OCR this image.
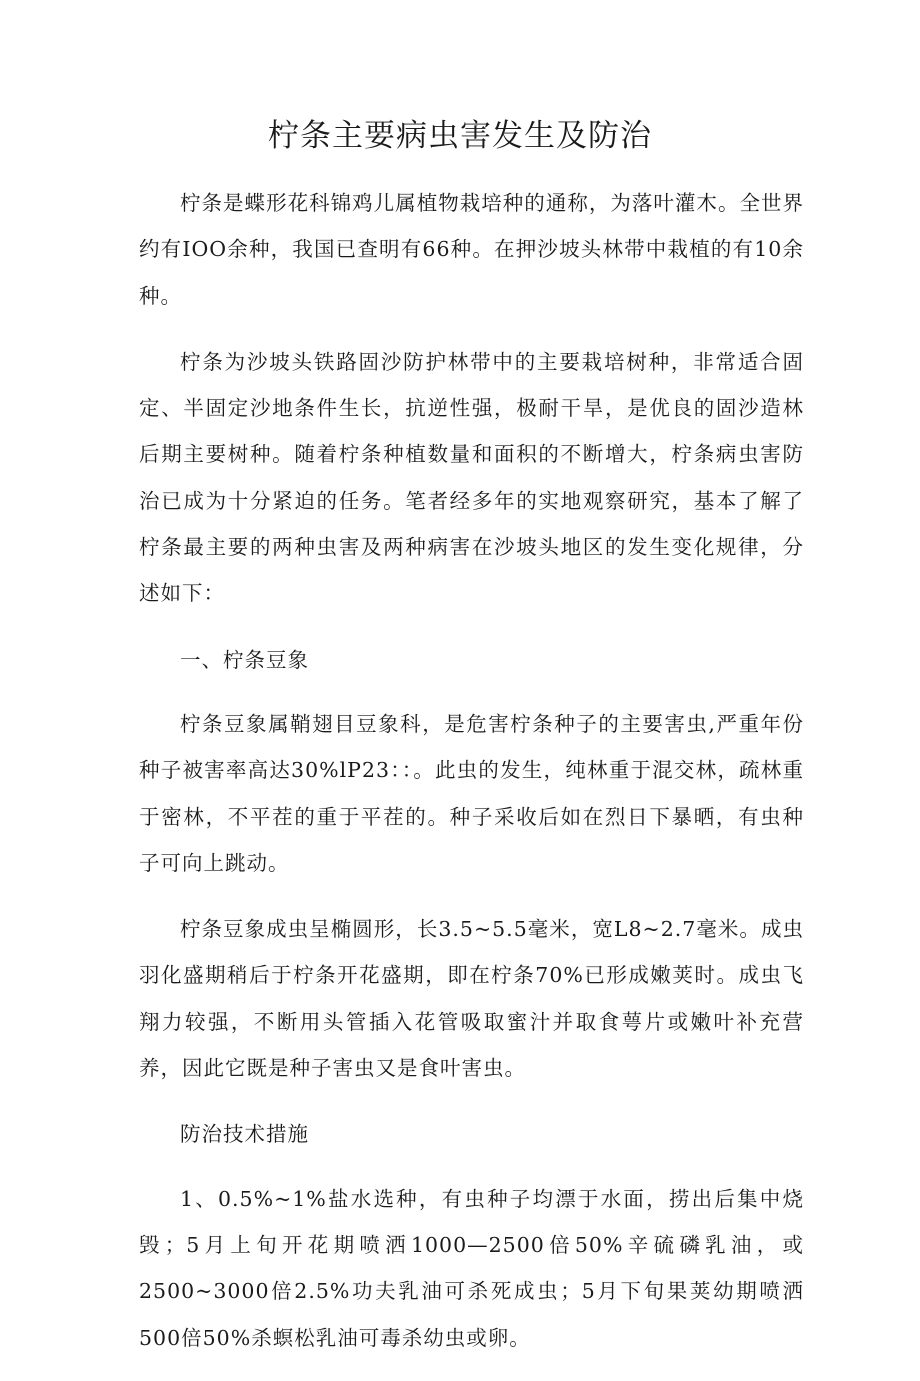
柠条主要病虫害发生及防治

柠条是蝶形花科锦鸡儿属植物栽培种的通称，为落叶灌木。全世界约有IOO余种，我国已查明有66种。在押沙坡头林带中栽植的有10余种。

柠条为沙坡头铁路固沙防护林带中的主要栽培树种，非常适合固定、半固定沙地条件生长，抗逆性强，极耐干旱，是优良的固沙造林后期主要树种。随着柠条种植数量和面积的不断增大，柠条病虫害防治已成为十分紧迫的任务。笔者经多年的实地观察研究，基本了解了柠条最主要的两种虫害及两种病害在沙坡头地区的发生变化规律，分述如下：

一、柠条豆象

柠条豆象属鞘翅目豆象科，是危害柠条种子的主要害虫,严重年份种子被害率高达30%lP23：：。此虫的发生，纯林重于混交林，疏林重于密林，不平茬的重于平茬的。种子采收后如在烈日下暴晒，有虫种子可向上跳动。

柠条豆象成虫呈椭圆形，长3.5~5.5毫米，宽L8~2.7毫米。成虫羽化盛期稍后于柠条开花盛期，即在柠条70%已形成嫩荚时。成虫飞翔力较强，不断用头管插入花管吸取蜜汁并取食萼片或嫩叶补充营养，因此它既是种子害虫又是食叶害虫。

防治技术措施

1、0.5%~1%盐水选种，有虫种子均漂于水面，捞出后集中烧毁；5月上旬开花期喷洒1000—2500倍50%辛硫磷乳油，或2500~3000倍2.5%功夫乳油可杀死成虫；5月下旬果荚幼期喷洒500倍50%杀螟松乳油可毒杀幼虫或卵。
